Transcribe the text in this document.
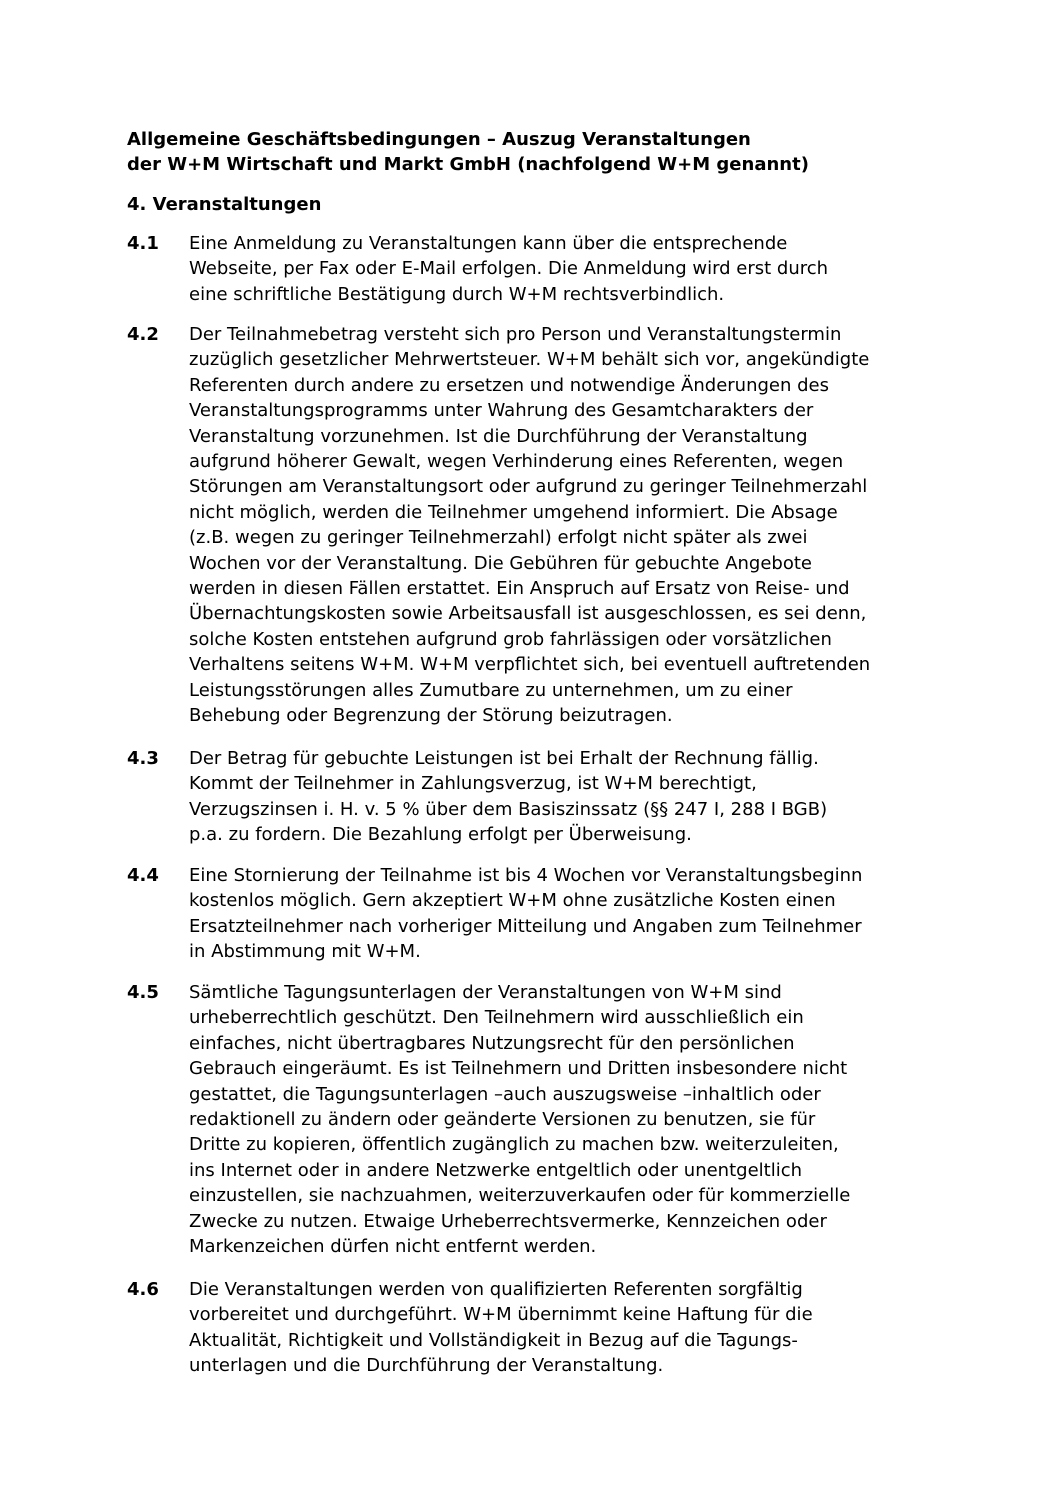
Allgemeine Geschäftsbedingungen – Auszug Veranstaltungen
der W+M Wirtschaft und Markt GmbH (nachfolgend W+M genannt)
4. Veranstaltungen
4.1 Eine Anmeldung zu Veranstaltungen kann über die entsprechende
Webseite, per Fax oder E-Mail erfolgen. Die Anmeldung wird erst durch
eine schriftliche Bestätigung durch W+M rechtsverbindlich.
4.2 Der Teilnahmebetrag versteht sich pro Person und Veranstaltungstermin
zuzüglich gesetzlicher Mehrwertsteuer. W+M behält sich vor, angekündigte
Referenten durch andere zu ersetzen und notwendige Änderungen des
Veranstaltungsprogramms unter Wahrung des Gesamtcharakters der
Veranstaltung vorzunehmen. Ist die Durchführung der Veranstaltung
aufgrund höherer Gewalt, wegen Verhinderung eines Referenten, wegen
Störungen am Veranstaltungsort oder aufgrund zu geringer Teilnehmerzahl
nicht möglich, werden die Teilnehmer umgehend informiert. Die Absage
(z.B. wegen zu geringer Teilnehmerzahl) erfolgt nicht später als zwei
Wochen vor der Veranstaltung. Die Gebühren für gebuchte Angebote
werden in diesen Fällen erstattet. Ein Anspruch auf Ersatz von Reise- und
Übernachtungskosten sowie Arbeitsausfall ist ausgeschlossen, es sei denn,
solche Kosten entstehen aufgrund grob fahrlässigen oder vorsätzlichen
Verhaltens seitens W+M. W+M verpflichtet sich, bei eventuell auftretenden
Leistungsstörungen alles Zumutbare zu unternehmen, um zu einer
Behebung oder Begrenzung der Störung beizutragen.
4.3 Der Betrag für gebuchte Leistungen ist bei Erhalt der Rechnung fällig.
Kommt der Teilnehmer in Zahlungsverzug, ist W+M berechtigt,
Verzugszinsen i. H. v. 5 % über dem Basiszinssatz (§§ 247 I, 288 I BGB)
p.a. zu fordern. Die Bezahlung erfolgt per Überweisung.
4.4 Eine Stornierung der Teilnahme ist bis 4 Wochen vor Veranstaltungsbeginn
kostenlos möglich. Gern akzeptiert W+M ohne zusätzliche Kosten einen
Ersatzteilnehmer nach vorheriger Mitteilung und Angaben zum Teilnehmer
in Abstimmung mit W+M.
4.5 Sämtliche Tagungsunterlagen der Veranstaltungen von W+M sind
urheberrechtlich geschützt. Den Teilnehmern wird ausschließlich ein
einfaches, nicht übertragbares Nutzungsrecht für den persönlichen
Gebrauch eingeräumt. Es ist Teilnehmern und Dritten insbesondere nicht
gestattet, die Tagungsunterlagen –auch auszugsweise –inhaltlich oder
redaktionell zu ändern oder geänderte Versionen zu benutzen, sie für
Dritte zu kopieren, öffentlich zugänglich zu machen bzw. weiterzuleiten,
ins Internet oder in andere Netzwerke entgeltlich oder unentgeltlich
einzustellen, sie nachzuahmen, weiterzuverkaufen oder für kommerzielle
Zwecke zu nutzen. Etwaige Urheberrechtsvermerke, Kennzeichen oder
Markenzeichen dürfen nicht entfernt werden.
4.6 Die Veranstaltungen werden von qualifizierten Referenten sorgfältig
vorbereitet und durchgeführt. W+M übernimmt keine Haftung für die
Aktualität, Richtigkeit und Vollständigkeit in Bezug auf die Tagungs-
unterlagen und die Durchführung der Veranstaltung.
